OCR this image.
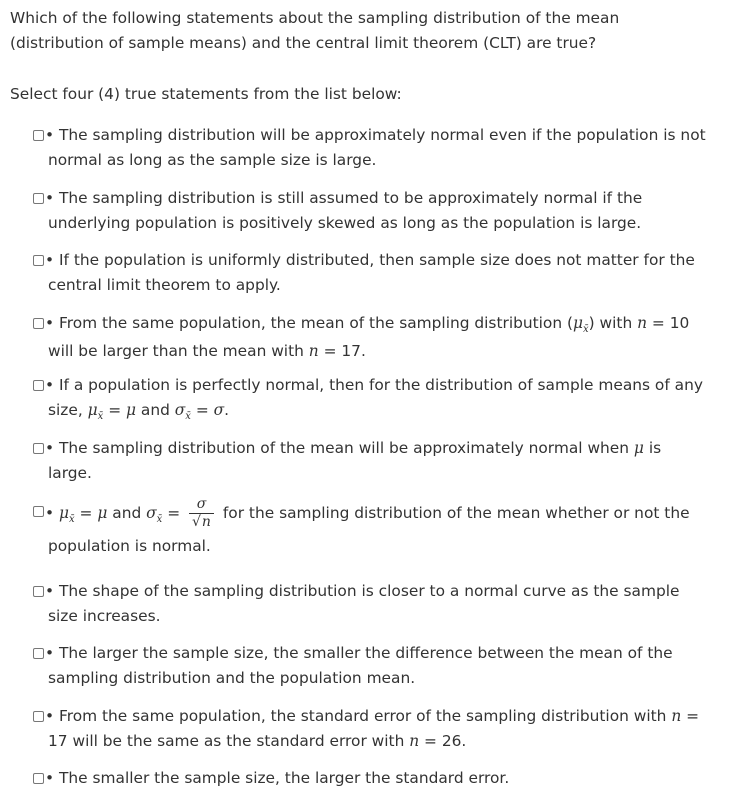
Which of the following statements about the sampling distribution of the mean (distribution of sample means) and the central limit theorem (CLT) are true?

Select four (4) true statements from the list below:

• The sampling distribution will be approximately normal even if the population is not normal as long as the sample size is large.
• The sampling distribution is still assumed to be approximately normal if the underlying population is positively skewed as long as the population is large.
• If the population is uniformly distributed, then sample size does not matter for the central limit theorem to apply.
• From the same population, the mean of the sampling distribution $(\mu_{x̄})$ with n = 10 will be larger than the mean with n = 17.
• If a population is perfectly normal, then for the distribution of sample means of any size, $\mu_{x̄} = \mu$ and $\sigma_{x̄} = \sigma$.
• The sampling distribution of the mean will be approximately normal when μ is large.
• $\mu_{x̄} = \mu$ and $\sigma_{x̄} = \frac{\sigma}{√n}$ for the sampling distribution of the mean whether or not the population is normal.
• The shape of the sampling distribution is closer to a normal curve as the sample size increases.
• The larger the sample size, the smaller the difference between the mean of the sampling distribution and the population mean.
• From the same population, the standard error of the sampling distribution with n = 17 will be the same as the standard error with n = 26.
• The smaller the sample size, the larger the standard error.
